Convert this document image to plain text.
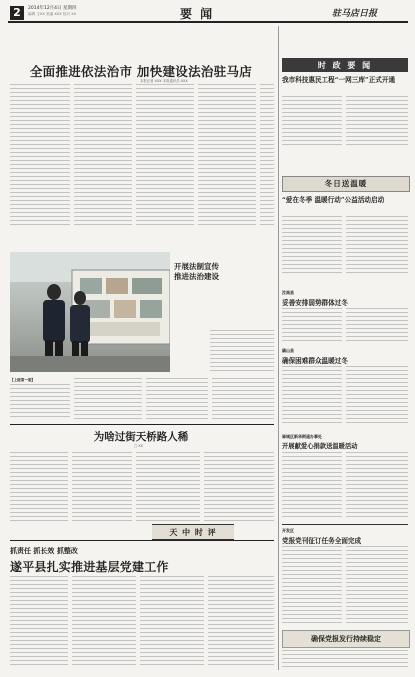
2	2014年12月4日 星期四
编辑 王XX 美编 XXX 校对 XX	要 闻	驻马店日报
全面推进依法治市 加快建设法治驻马店
本报记者 XXX 本报通讯员 XXX
开展法制宣传
推进法治建设
【上接第一版】
为啥过街天桥路人稀
□ XX
天 中 时 评
抓责任 抓长效 抓整改
遂平县扎实推进基层党建工作
时 政 要 闻
我市科技惠民工程“一网三库”正式开通
冬日送温暖
“爱在冬季 温暖行动”公益活动启动
汝南县
妥善安排弱势群体过冬
确山县
确保困难群众温暖过冬
驿城区新华街道办事处
开展献爱心捐款送温暖活动
开发区
党报党刊征订任务全面完成
确保党报发行持续稳定
